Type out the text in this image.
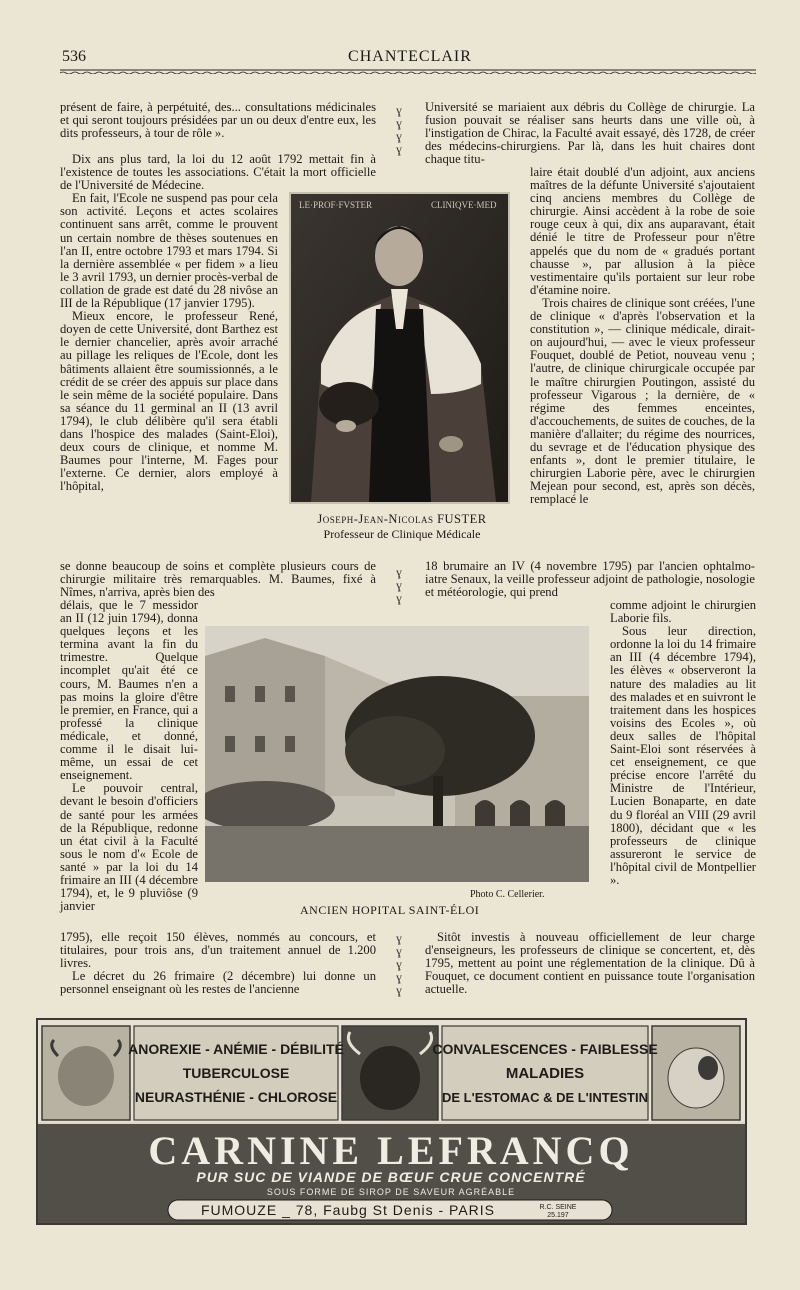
536	CHANTECLAIR

présent de faire, à perpétuité, des... consultations médicinales et qui seront toujours présidées par un ou deux d'entre eux, les dits professeurs, à tour de rôle ».

Dix ans plus tard, la loi du 12 août 1792 mettait fin à l'existence de toutes les associations. C'était la mort officielle de l'Université de Médecine.

En fait, l'Ecole ne suspend pas pour cela son activité. Leçons et actes scolaires continuent sans arrêt, comme le prouvent un certain nombre de thèses soutenues en l'an II, entre octobre 1793 et mars 1794. Si la dernière assemblée « per fidem » a lieu le 3 avril 1793, un dernier procès-verbal de collation de grade est daté du 28 nivôse an III de la République (17 janvier 1795).

Mieux encore, le professeur René, doyen de cette Université, dont Barthez est le dernier chancelier, après avoir arraché au pillage les reliques de l'Ecole, dont les bâtiments allaient être soumissionnés, a le crédit de se créer des appuis sur place dans le sein même de la société populaire. Dans sa séance du 11 germinal an II (13 avril 1794), le club délibère qu'il sera établi dans l'hospice des malades (Saint-Eloi), deux cours de clinique, et nomme M. Baumes pour l'interne, M. Fages pour l'externe. Ce dernier, alors employé à l'hôpital,

ɣ
ɣ
ɣ
ɣ
ɣ
ɣ
ɣ
ɣ
ɣ
ɣ
ɣ
ɣ

Université se mariaient aux débris du Collège de chirurgie. La fusion pouvait se réaliser sans heurts dans une ville où, à l'instigation de Chirac, la Faculté avait essayé, dès 1728, de créer des médecins-chirurgiens. Par là, dans les huit chaires dont chaque titu-

laire était doublé d'un adjoint, aux anciens maîtres de la défunte Université s'ajoutaient cinq anciens membres du Collège de chirurgie. Ainsi accèdent à la robe de soie rouge ceux à qui, dix ans auparavant, était dénié le titre de Professeur pour n'être appelés que du nom de « gradués portant chausse », par allusion à la pièce vestimentaire qu'ils portaient sur leur robe d'étamine noire.

Trois chaires de clinique sont créées, l'une de clinique « d'après l'observation et la constitution », — clinique médicale, dirait-on aujourd'hui, — avec le vieux professeur Fouquet, doublé de Petiot, nouveau venu ; l'autre, de clinique chirurgicale occupée par le maître chirurgien Poutingon, assisté du professeur Vigarous ; la dernière, de « régime des femmes enceintes, d'accouchements, de suites de couches, de la manière d'allaiter; du régime des nourrices, du sevrage et de l'éducation physique des enfants », dont le premier titulaire, le chirurgien Laborie père, avec le chirurgien Mejean pour second, est, après son décès, remplacé le

LE·PROF·FVSTER	CLINIQVE·MED
Joseph-Jean-Nicolas FUSTER
Professeur de Clinique Médicale

se donne beaucoup de soins et complète plusieurs cours de chirurgie militaire très remarquables. M. Baumes, fixé à Nîmes, n'arriva, après bien des

18 brumaire an IV (4 novembre 1795) par l'ancien ophtalmo-iatre Senaux, la veille professeur adjoint de pathologie, nosologie et météorologie, qui prend

délais, que le 7 messidor an II (12 juin 1794), donna quelques leçons et les termina avant la fin du trimestre. Quelque incomplet qu'ait été ce cours, M. Baumes n'en a pas moins la gloire d'être le premier, en France, qui a professé la clinique médicale, et donné, comme il le disait lui-même, un essai de cet enseignement.

Le pouvoir central, devant le besoin d'officiers de santé pour les armées de la République, redonne un état civil à la Faculté sous le nom d'« Ecole de santé » par la loi du 14 frimaire an III (4 décembre 1794), et, le 9 pluviôse (9 janvier

comme adjoint le chirurgien Laborie fils.

Sous leur direction, ordonne la loi du 14 frimaire an III (4 décembre 1794), les élèves « observeront la nature des maladies au lit des malades et en suivront le traitement dans les hospices voisins des Ecoles », où deux salles de l'hôpital Saint-Eloi sont réservées à cet enseignement, ce que précise encore l'arrêté du Ministre de l'Intérieur, Lucien Bonaparte, en date du 9 floréal an VIII (29 avril 1800), décidant que « les professeurs de clinique assureront le service de l'hôpital civil de Montpellier ».

Photo C. Cellerier.
ANCIEN HOPITAL SAINT-ÉLOI

1795), elle reçoit 150 élèves, nommés au concours, et titulaires, pour trois ans, d'un traitement annuel de 1.200 livres.

Le décret du 26 frimaire (2 décembre) lui donne un personnel enseignant où les restes de l'ancienne

Sitôt investis à nouveau officiellement de leur charge d'enseigneurs, les professeurs de clinique se concertent, et, dès 1795, mettent au point une réglementation de la clinique. Dû à Fouquet, ce document contient en puissance toute l'organisation actuelle.

ANOREXIE - ANÉMIE - DÉBILITÉ
TUBERCULOSE
NEURASTHÉNIE - CHLOROSE
CONVALESCENCES - FAIBLESSE
MALADIES
DE L'ESTOMAC & DE L'INTESTIN
CARNINE LEFRANCQ
PUR SUC DE VIANDE DE BŒUF CRUE CONCENTRÉ
SOUS FORME DE SIROP DE SAVEUR AGRÉABLE
FUMOUZE _ 78, Faubg St Denis - PARIS	R.C. SEINE
25.197
